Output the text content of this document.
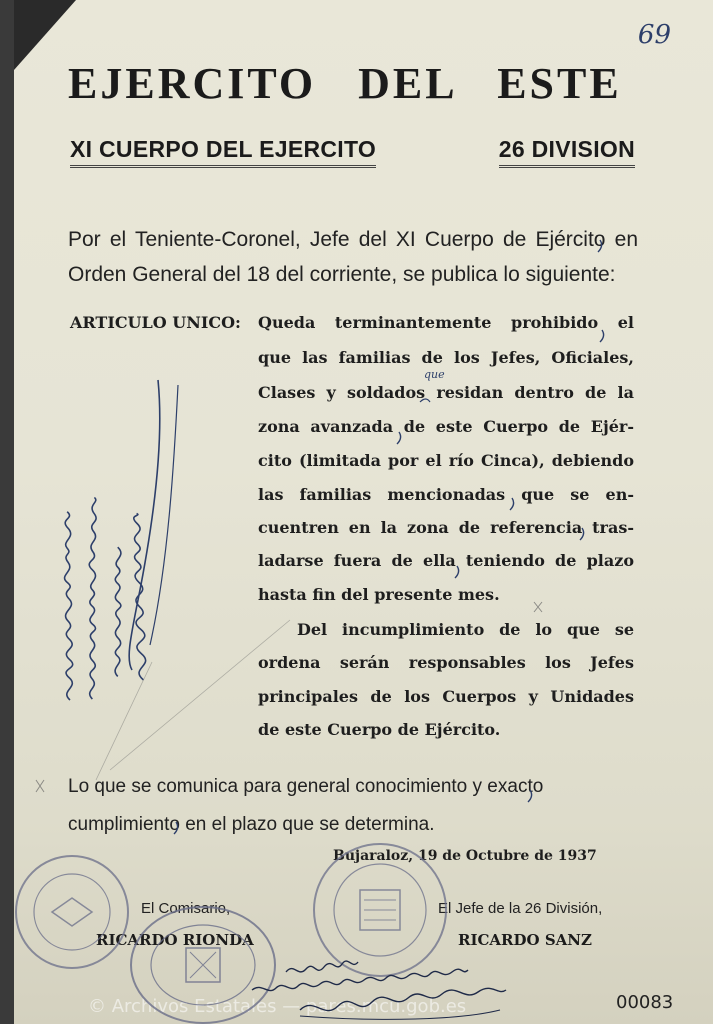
69
EJERCITO DEL ESTE
XI CUERPO DEL EJERCITO	26 DIVISION

Por el Teniente-Coronel, Jefe del XI Cuerpo de Ejército en Orden General del 18 del corriente, se publica lo siguiente:

ARTICULO UNICO: Queda terminantemente prohibido el
que las familias de los Jefes, Oficiales,
Clases y soldados residan dentro de la
zona avanzada de este Cuerpo de Ejér-
cito (limitada por el río Cinca), debiendo
las familias mencionadas que se en-
cuentren en la zona de referencia tras-
ladarse fuera de ella teniendo de plazo
hasta fin del presente mes.
Del incumplimiento de lo que se
ordena serán responsables los Jefes
principales de los Cuerpos y Unidades
de este Cuerpo de Ejército.

Lo que se comunica para general conocimiento y exacto cumplimiento en el plazo que se determina.

Bujaraloz, 19 de Octubre de 1937
El Comisario,
RICARDO RIONDA
El Jefe de la 26 División,
RICARDO SANZ
00083
© Archivos Estatales — pares.mcu.gob.es
que
